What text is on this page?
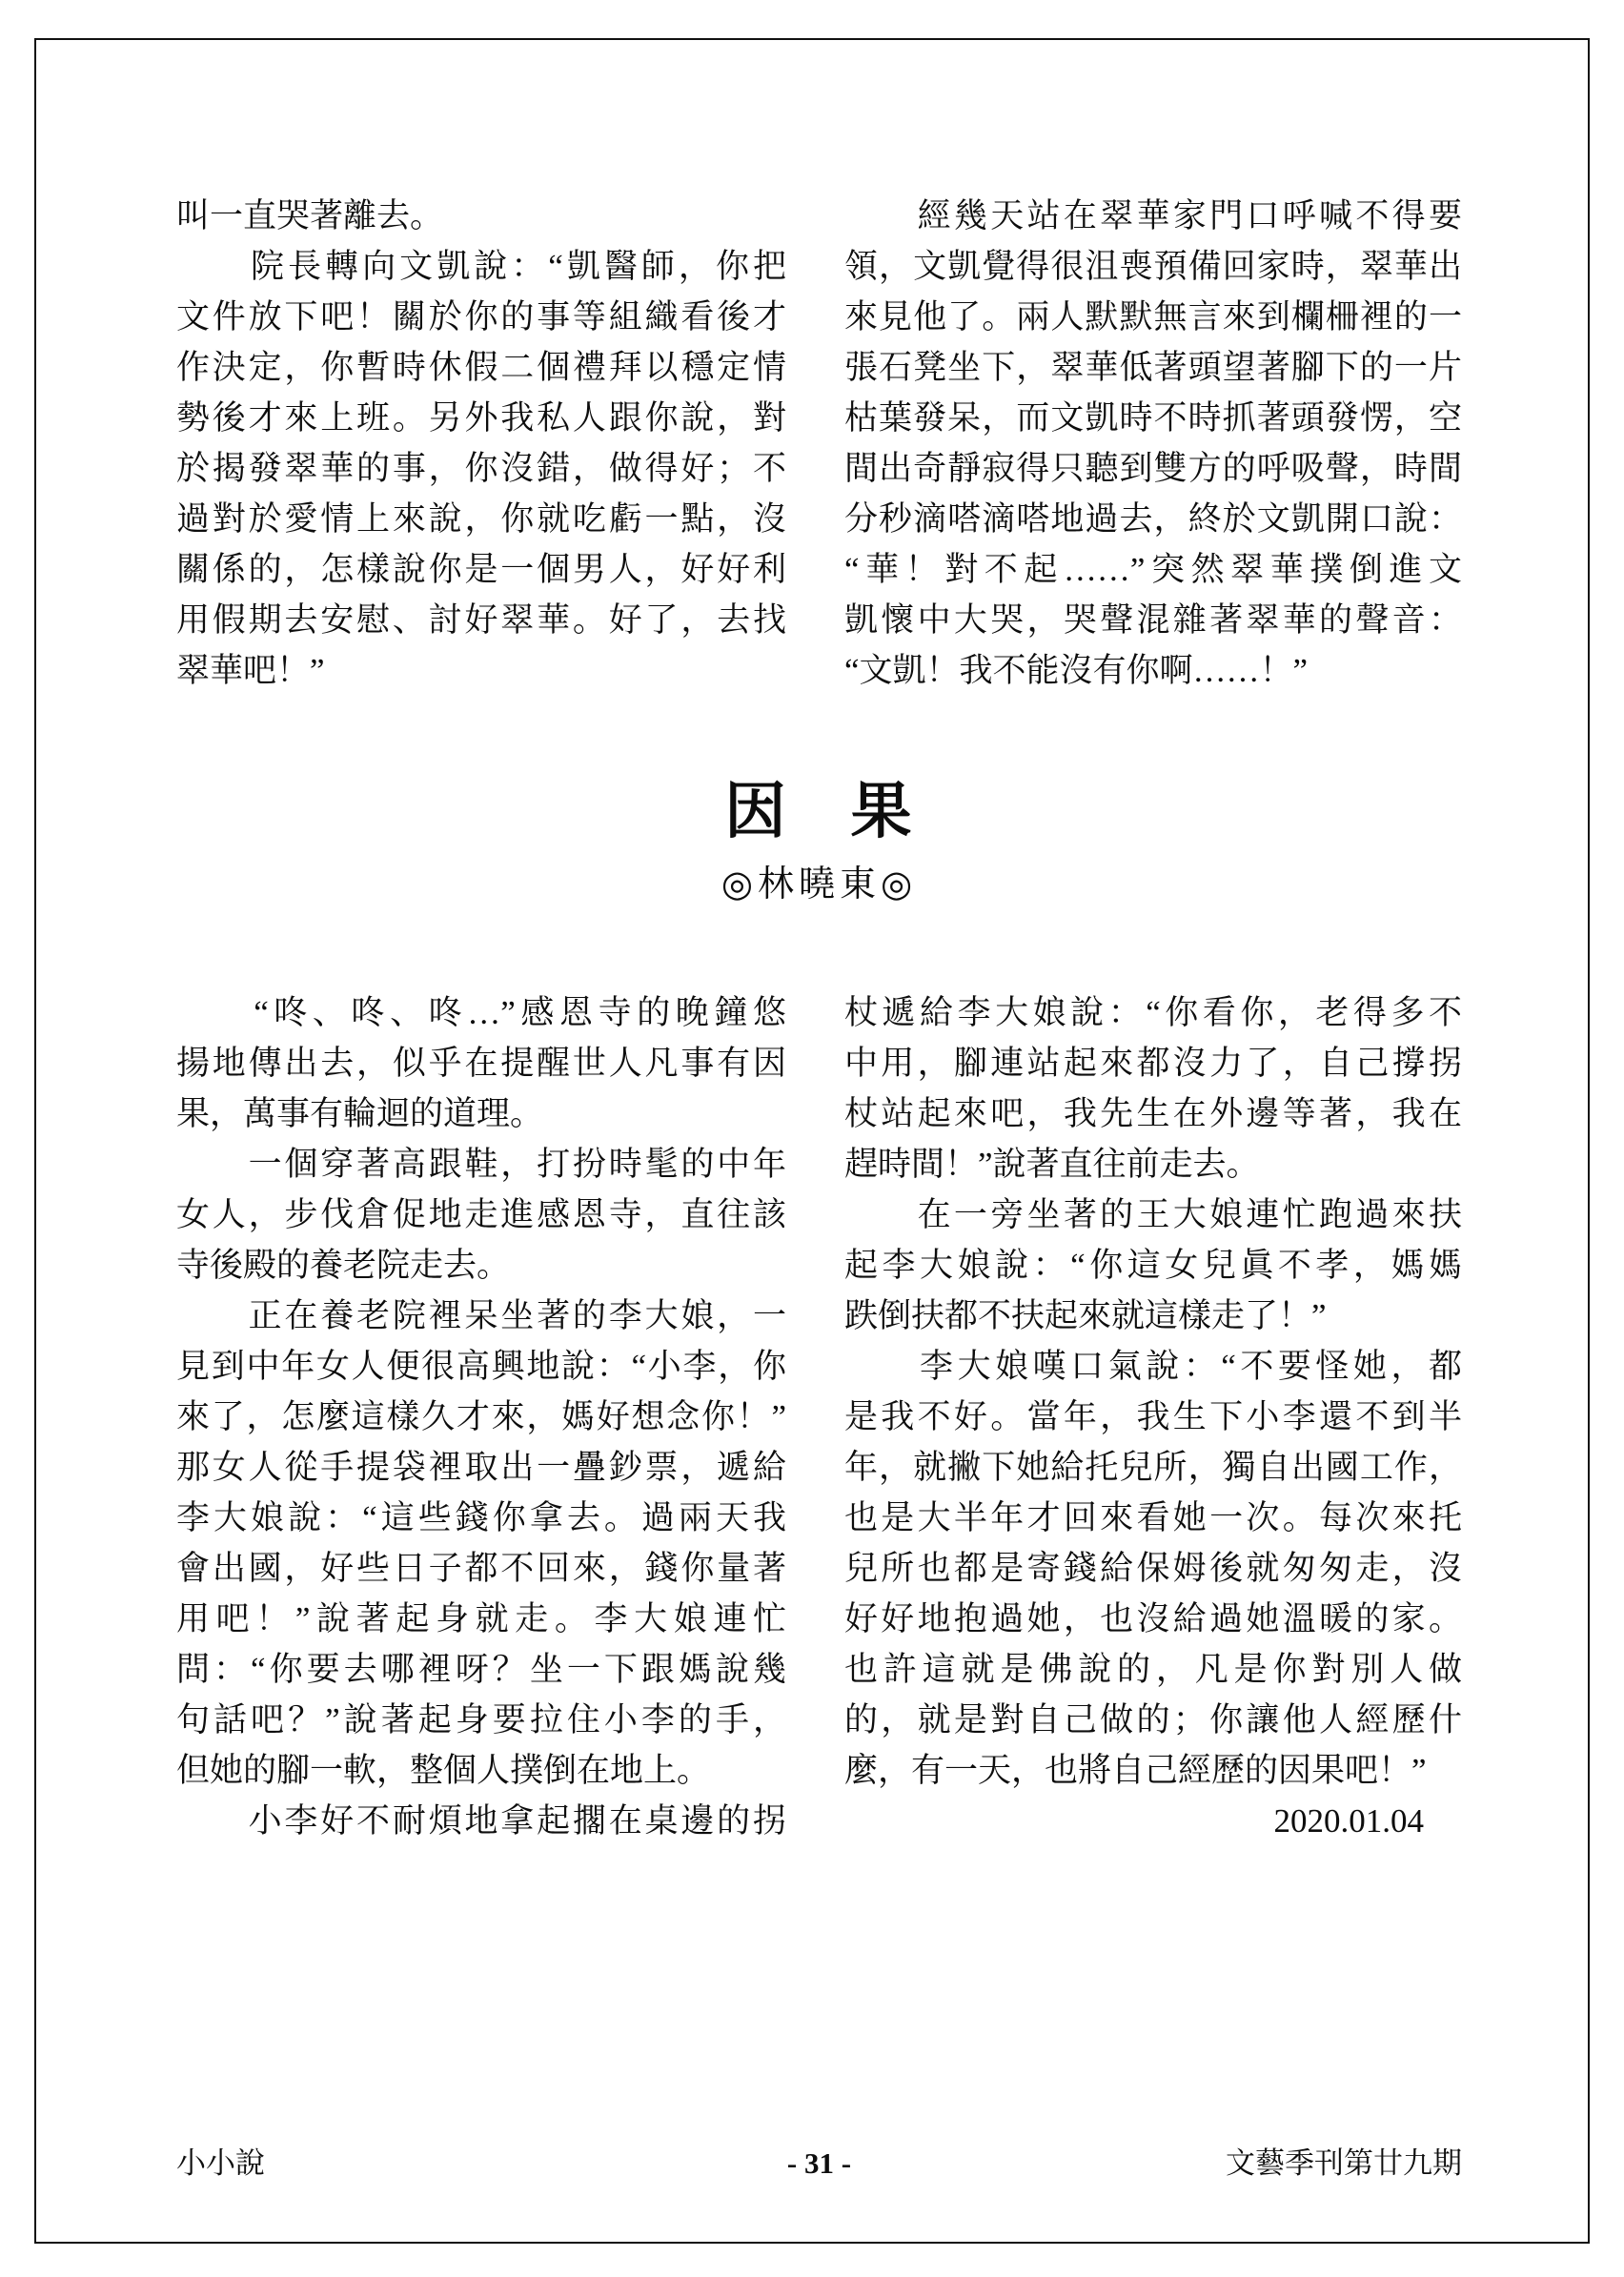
叫一直哭著離去。
　　院長轉向文凱說：“凱醫師，你把
文件放下吧！關於你的事等組織看後才
作決定，你暫時休假二個禮拜以穩定情
勢後才來上班。另外我私人跟你說，對
於揭發翠華的事，你沒錯，做得好；不
過對於愛情上來說，你就吃虧一點，沒
關係的，怎樣說你是一個男人，好好利
用假期去安慰、討好翠華。好了，去找
翠華吧！”
　　經幾天站在翠華家門口呼喊不得要
領，文凱覺得很沮喪預備回家時，翠華出
來見他了。兩人默默無言來到欄柵裡的一
張石凳坐下，翠華低著頭望著腳下的一片
枯葉發呆，而文凱時不時抓著頭發愣，空
間出奇靜寂得只聽到雙方的呼吸聲，時間
分秒滴嗒滴嗒地過去，終於文凱開口說：
“華！對不起……”突然翠華撲倒進文
凱懷中大哭，哭聲混雜著翠華的聲音：
“文凱！我不能沒有你啊……！”
因　果
◎林曉東◎
　　“咚、咚、咚…”感恩寺的晚鐘悠
揚地傳出去，似乎在提醒世人凡事有因
果，萬事有輪迴的道理。
　　一個穿著高跟鞋，打扮時髦的中年
女人，步伐倉促地走進感恩寺，直往該
寺後殿的養老院走去。
　　正在養老院裡呆坐著的李大娘，一
見到中年女人便很高興地說：“小李，你
來了，怎麼這樣久才來，媽好想念你！”
那女人從手提袋裡取出一疊鈔票，遞給
李大娘說：“這些錢你拿去。過兩天我
會出國，好些日子都不回來，錢你量著
用吧！”說著起身就走。李大娘連忙
問：“你要去哪裡呀？坐一下跟媽說幾
句話吧？”說著起身要拉住小李的手，
但她的腳一軟，整個人撲倒在地上。
　　小李好不耐煩地拿起擱在桌邊的拐
杖遞給李大娘說：“你看你，老得多不
中用，腳連站起來都沒力了，自己撐拐
杖站起來吧，我先生在外邊等著，我在
趕時間！”說著直往前走去。
　　在一旁坐著的王大娘連忙跑過來扶
起李大娘說：“你這女兒眞不孝，媽媽
跌倒扶都不扶起來就這樣走了！”
　　李大娘嘆口氣說：“不要怪她，都
是我不好。當年，我生下小李還不到半
年，就撇下她給托兒所，獨自出國工作，
也是大半年才回來看她一次。每次來托
兒所也都是寄錢給保姆後就匆匆走，沒
好好地抱過她，也沒給過她溫暖的家。
也許這就是佛說的，凡是你對別人做
的，就是對自己做的；你讓他人經歷什
麼，有一天，也將自己經歷的因果吧！”
2020.01.04
小小說	- 31 -	文藝季刊第廿九期
